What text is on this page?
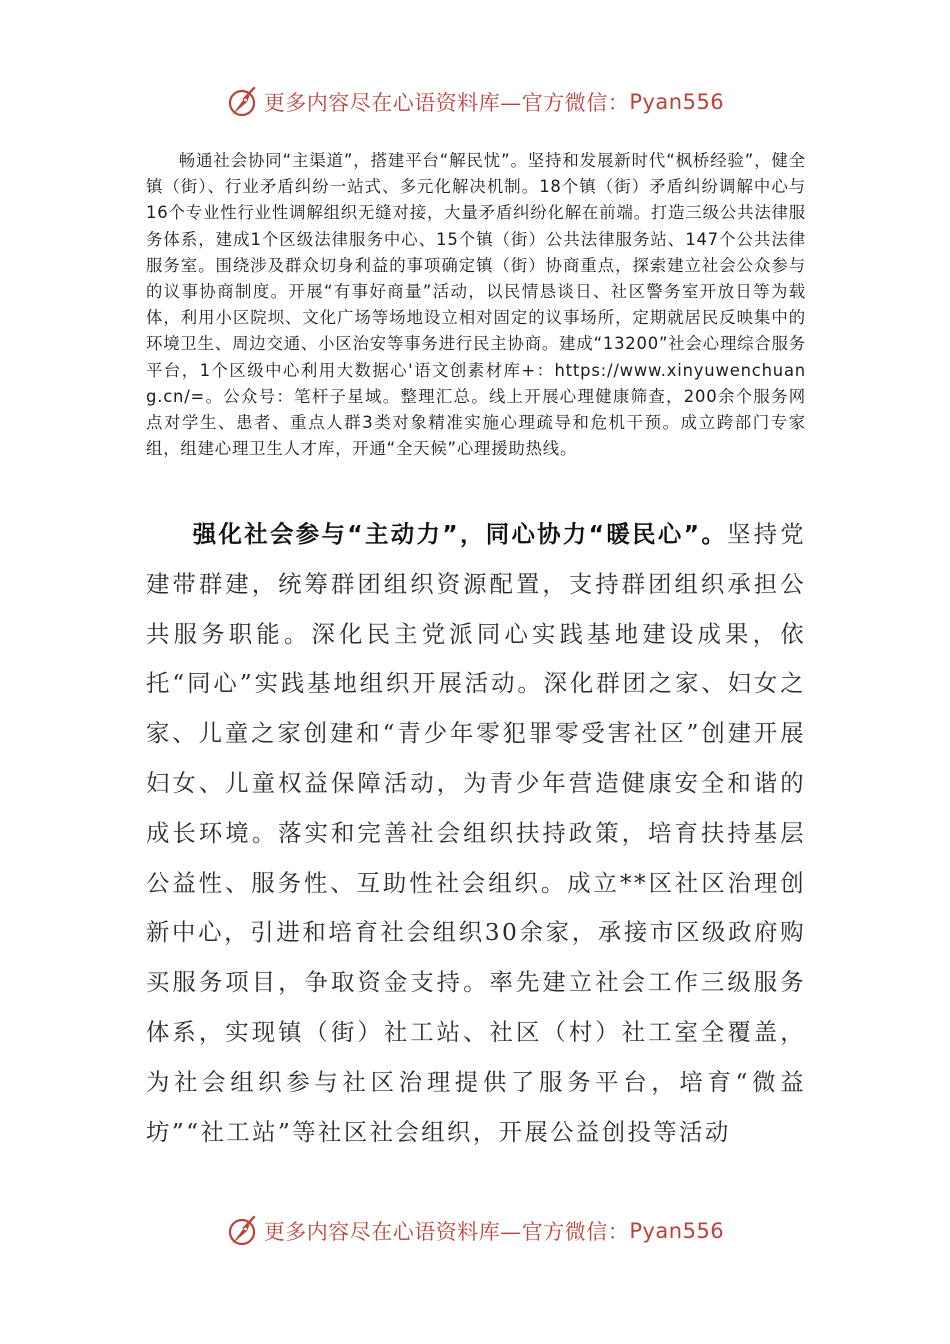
更多内容尽在心语资料库—官方微信： Pyan556

畅通社会协同“主渠道”，搭建平台“解民忧”。坚持和发展新时代“枫桥经验”，健全镇（街）、行业矛盾纠纷一站式、多元化解决机制。18个镇（街）矛盾纠纷调解中心与16个专业性行业性调解组织无缝对接，大量矛盾纠纷化解在前端。打造三级公共法律服务体系，建成1个区级法律服务中心、15个镇（街）公共法律服务站、147个公共法律服务室。围绕涉及群众切身利益的事项确定镇（街）协商重点，探索建立社会公众参与的议事协商制度。开展“有事好商量”活动，以民情恳谈日、社区警务室开放日等为载体，利用小区院坝、文化广场等场地设立相对固定的议事场所，定期就居民反映集中的环境卫生、周边交通、小区治安等事务进行民主协商。建成“13200”社会心理综合服务平台，1个区级中心利用大数据心'语文创素材库+：https://www.xinyuwenchuang.cn/=。公众号：笔杆子星域。整理汇总。线上开展心理健康筛查，200余个服务网点对学生、患者、重点人群3类对象精准实施心理疏导和危机干预。成立跨部门专家组，组建心理卫生人才库，开通“全天候”心理援助热线。

强化社会参与“主动力”，同心协力“暖民心”。坚持党建带群建，统筹群团组织资源配置，支持群团组织承担公共服务职能。深化民主党派同心实践基地建设成果，依托“同心”实践基地组织开展活动。深化群团之家、妇女之家、儿童之家创建和“青少年零犯罪零受害社区”创建开展妇女、儿童权益保障活动，为青少年营造健康安全和谐的成长环境。落实和完善社会组织扶持政策，培育扶持基层公益性、服务性、互助性社会组织。成立**区社区治理创新中心，引进和培育社会组织30余家，承接市区级政府购买服务项目，争取资金支持。率先建立社会工作三级服务体系，实现镇（街）社工站、社区（村）社工室全覆盖，为社会组织参与社区治理提供了服务平台，培育“微益坊”“社工站”等社区社会组织，开展公益创投等活动

更多内容尽在心语资料库—官方微信： Pyan556
